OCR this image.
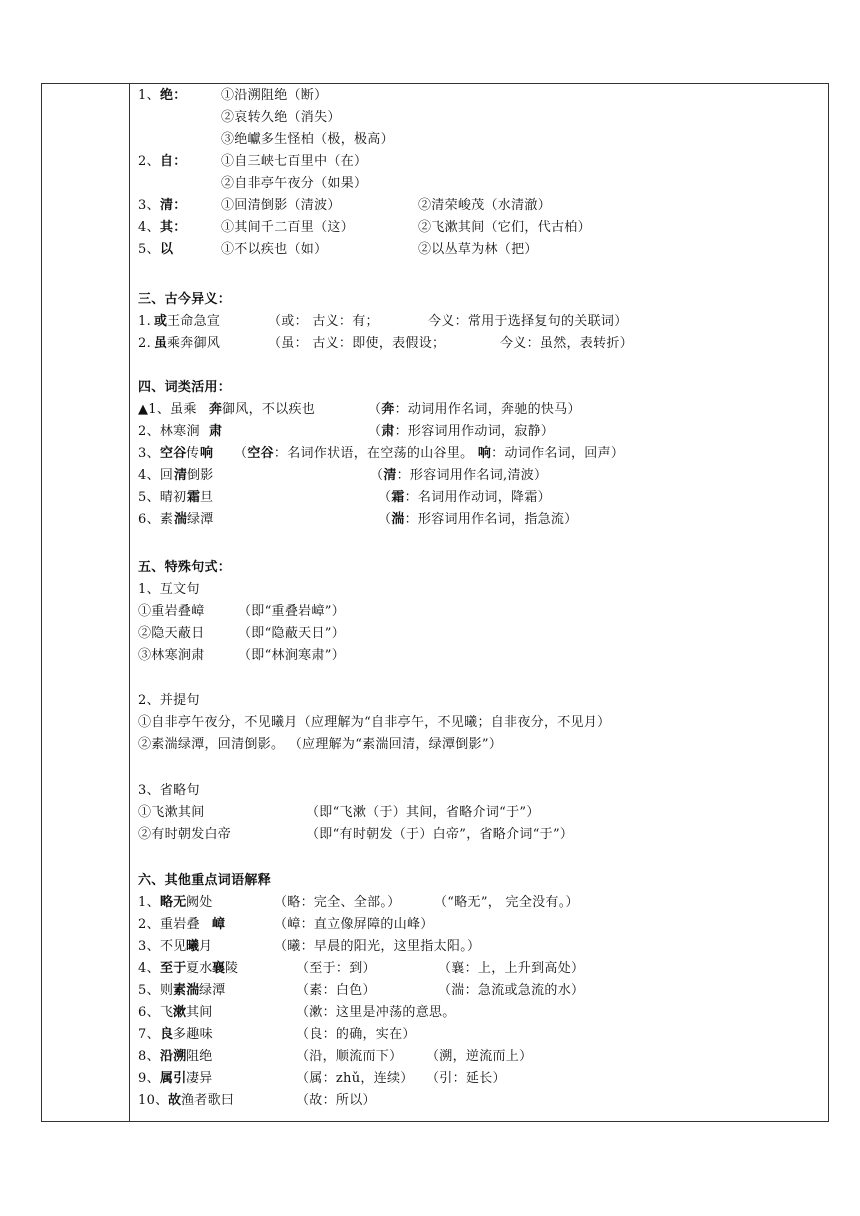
1、 绝：	①沿溯阻绝（断）
②哀转久绝（消失）
③绝巘多生怪柏（极，极高）
2、 自：	①自三峡七百里中（在）
②自非亭午夜分（如果）
3、 清：	①回清倒影（清波）	②清荣峻茂（水清澈）
4、 其：	①其间千二百里（这）	②飞漱其间（它们，代古柏）
5、 以	①不以疾也（如）	②以丛草为林（把）
三、古今异义：
1. 或 王命急宣	（或： 古义：有；	今义：常用于选择复句的关联词）
2. 虽 乘奔御风	（虽： 古义：即使，表假设；	今义：虽然，表转折）
四、词类活用：
▲1、虽乘 奔 御风，不以疾也	（奔：动词用作名词，奔驰的快马）
2、林寒涧 肃	（肃：形容词用作动词，寂静）
3、 空谷 传 响 （空谷：名词作状语，在空荡的山谷里。 响：动词作名词，回声）
4、回 清 倒影	（清：形容词用作名词,清波）
5、晴初 霜 旦	（霜：名词用作动词，降霜）
6、素 湍 绿潭	（湍：形容词用作名词，指急流）
五、特殊句式：
1、互文句
①重岩叠嶂	（即“重叠岩嶂”）
②隐天蔽日	（即“隐蔽天日”）
③林寒涧肃	（即“林涧寒肃”）
2、并提句
①自非亭午夜分，不见曦月（应理解为“自非亭午，不见曦；自非夜分，不见月）
②素湍绿潭，回清倒影。 （应理解为“素湍回清，绿潭倒影”）
3、省略句
①飞漱其间	（即“飞漱（于）其间，省略介词“于”）
②有时朝发白帝	（即“有时朝发（于）白帝”，省略介词“于”）
六、其他重点词语解释
1、 略无 阙处	（略：完全、全部。）	（“略无”， 完全没有。）
2、 重岩叠 嶂	（嶂：直立像屏障的山峰）
3、 不见 曦 月	（曦：早晨的阳光，这里指太阳。）
4、 至于 夏水 襄 陵	（至于：到）	（襄：上，上升到高处）
5、 则 素湍 绿潭	（素：白色）	（湍：急流或急流的水）
6、 飞 漱 其间	（漱：这里是冲荡的意思。
7、 良 多趣味	（良：的确，实在）
8、 沿溯 阻绝	（沿，顺流而下） （溯，逆流而上）
9、 属引 凄异	（属：zhǔ，连续） （引：延长）
10、 故 渔者歌曰	（故：所以）
